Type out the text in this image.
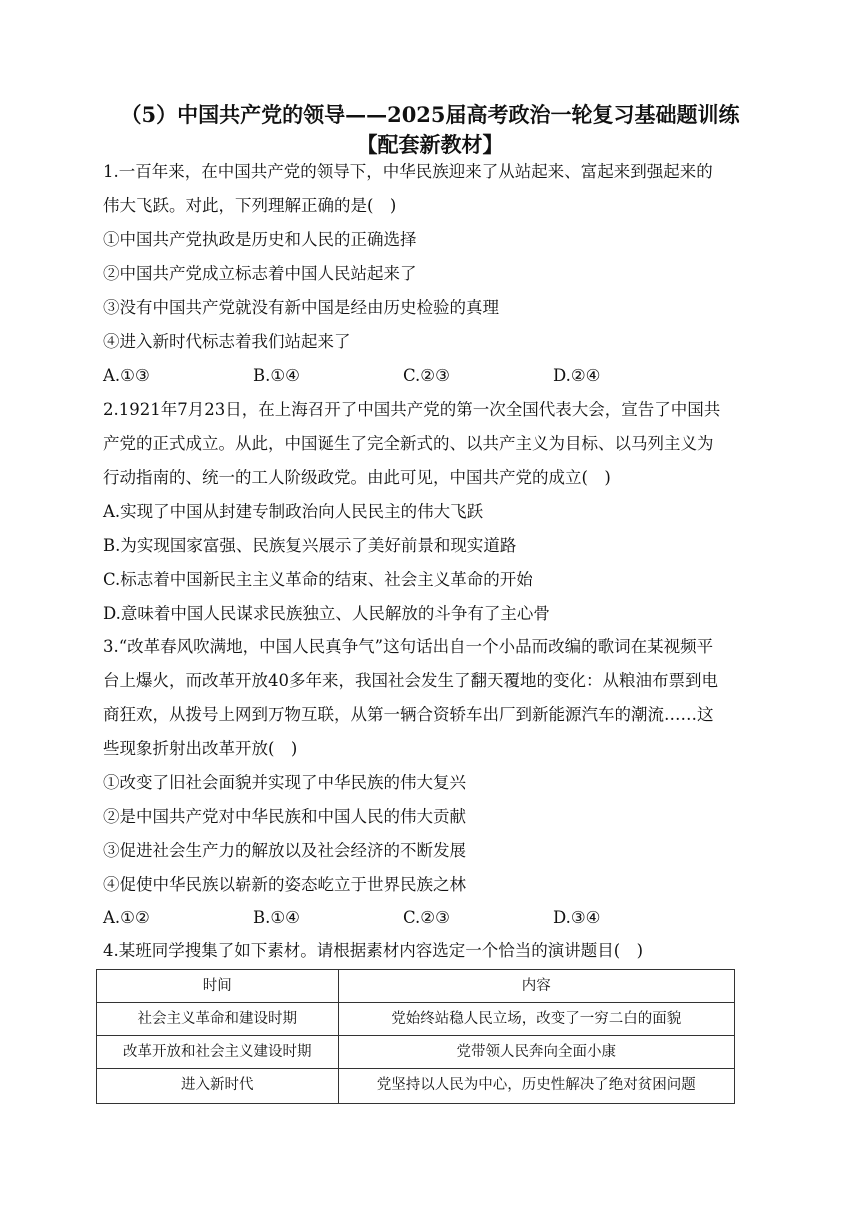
（5）中国共产党的领导——2025届高考政治一轮复习基础题训练
【配套新教材】
1.一百年来，在中国共产党的领导下，中华民族迎来了从站起来、富起来到强起来的
伟大飞跃。对此，下列理解正确的是(　)
①中国共产党执政是历史和人民的正确选择
②中国共产党成立标志着中国人民站起来了
③没有中国共产党就没有新中国是经由历史检验的真理
④进入新时代标志着我们站起来了
A.①③	B.①④	C.②③	D.②④
2.1921年7月23日，在上海召开了中国共产党的第一次全国代表大会，宣告了中国共
产党的正式成立。从此，中国诞生了完全新式的、以共产主义为目标、以马列主义为
行动指南的、统一的工人阶级政党。由此可见，中国共产党的成立(　)
A.实现了中国从封建专制政治向人民民主的伟大飞跃
B.为实现国家富强、民族复兴展示了美好前景和现实道路
C.标志着中国新民主主义革命的结束、社会主义革命的开始
D.意味着中国人民谋求民族独立、人民解放的斗争有了主心骨
3.“改革春风吹满地，中国人民真争气”这句话出自一个小品而改编的歌词在某视频平
台上爆火，而改革开放40多年来，我国社会发生了翻天覆地的变化：从粮油布票到电
商狂欢，从拨号上网到万物互联，从第一辆合资轿车出厂到新能源汽车的潮流……这
些现象折射出改革开放(　)
①改变了旧社会面貌并实现了中华民族的伟大复兴
②是中国共产党对中华民族和中国人民的伟大贡献
③促进社会生产力的解放以及社会经济的不断发展
④促使中华民族以崭新的姿态屹立于世界民族之林
A.①②	B.①④	C.②③	D.③④
4.某班同学搜集了如下素材。请根据素材内容选定一个恰当的演讲题目(　)
时间	内容
社会主义革命和建设时期	党始终站稳人民立场，改变了一穷二白的面貌
改革开放和社会主义建设时期	党带领人民奔向全面小康
进入新时代	党坚持以人民为中心，历史性解决了绝对贫困问题
